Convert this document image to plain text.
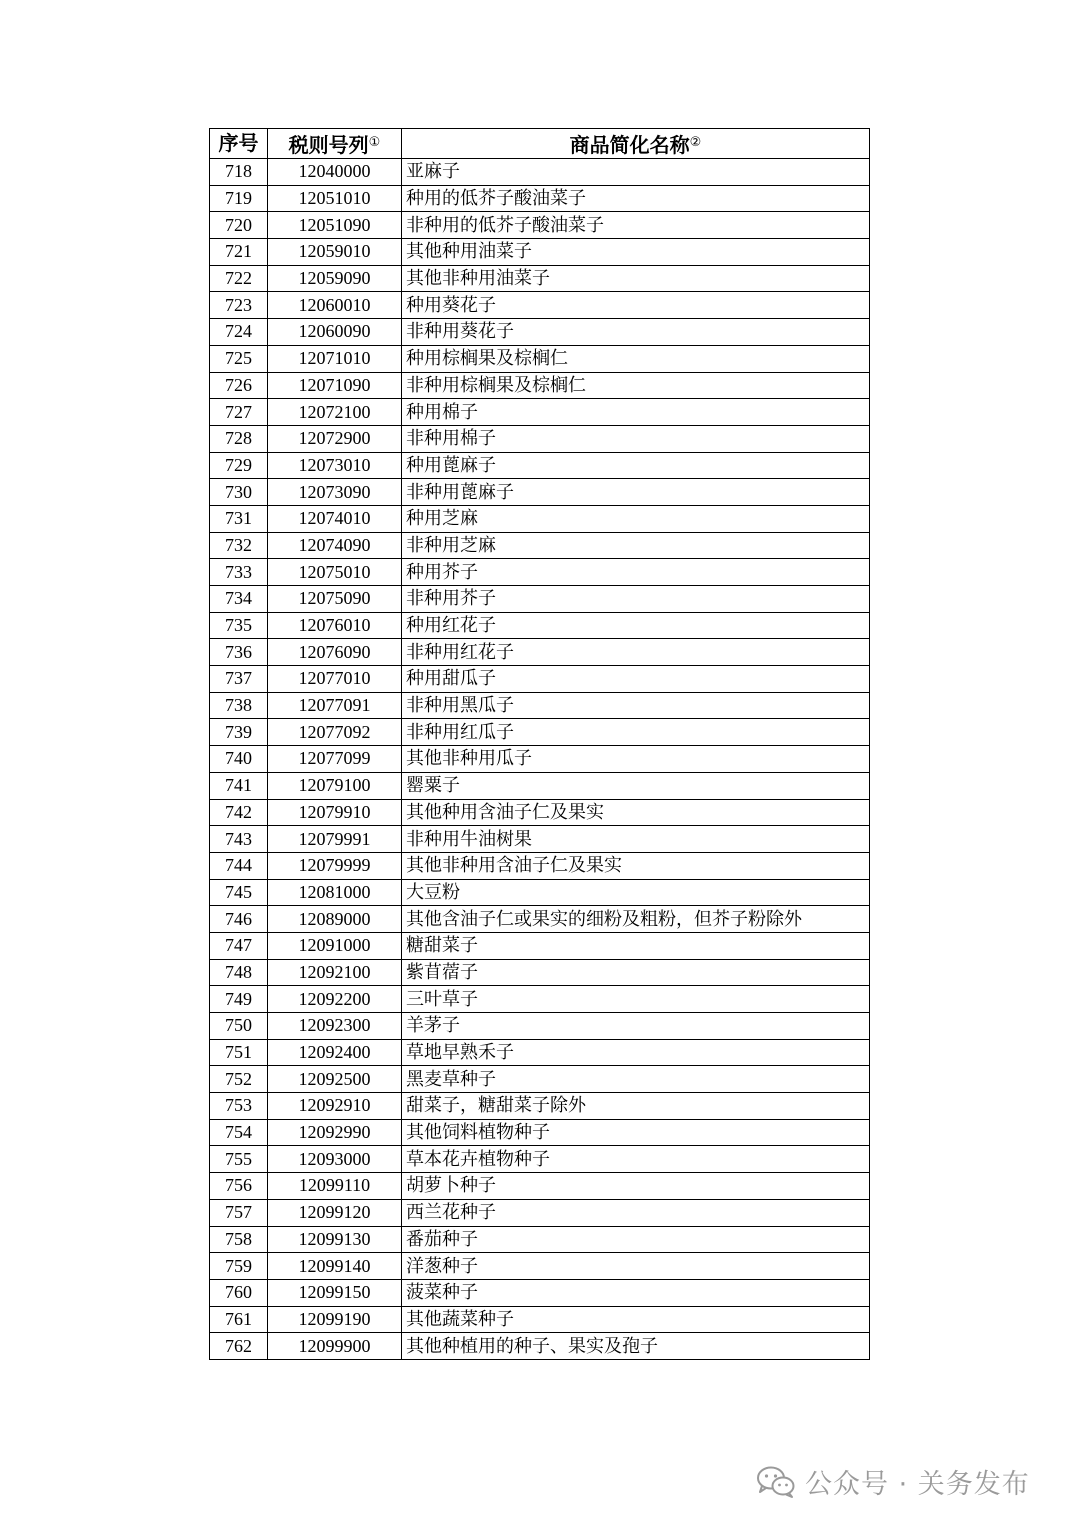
序号	税则号列①	商品简化名称②
718	12040000	亚麻子
719	12051010	种用的低芥子酸油菜子
720	12051090	非种用的低芥子酸油菜子
721	12059010	其他种用油菜子
722	12059090	其他非种用油菜子
723	12060010	种用葵花子
724	12060090	非种用葵花子
725	12071010	种用棕榈果及棕榈仁
726	12071090	非种用棕榈果及棕榈仁
727	12072100	种用棉子
728	12072900	非种用棉子
729	12073010	种用蓖麻子
730	12073090	非种用蓖麻子
731	12074010	种用芝麻
732	12074090	非种用芝麻
733	12075010	种用芥子
734	12075090	非种用芥子
735	12076010	种用红花子
736	12076090	非种用红花子
737	12077010	种用甜瓜子
738	12077091	非种用黑瓜子
739	12077092	非种用红瓜子
740	12077099	其他非种用瓜子
741	12079100	罂粟子
742	12079910	其他种用含油子仁及果实
743	12079991	非种用牛油树果
744	12079999	其他非种用含油子仁及果实
745	12081000	大豆粉
746	12089000	其他含油子仁或果实的细粉及粗粉，但芥子粉除外
747	12091000	糖甜菜子
748	12092100	紫苜蓿子
749	12092200	三叶草子
750	12092300	羊茅子
751	12092400	草地早熟禾子
752	12092500	黑麦草种子
753	12092910	甜菜子，糖甜菜子除外
754	12092990	其他饲料植物种子
755	12093000	草本花卉植物种子
756	12099110	胡萝卜种子
757	12099120	西兰花种子
758	12099130	番茄种子
759	12099140	洋葱种子
760	12099150	菠菜种子
761	12099190	其他蔬菜种子
762	12099900	其他种植用的种子、果实及孢子
公众号 · 关务发布
